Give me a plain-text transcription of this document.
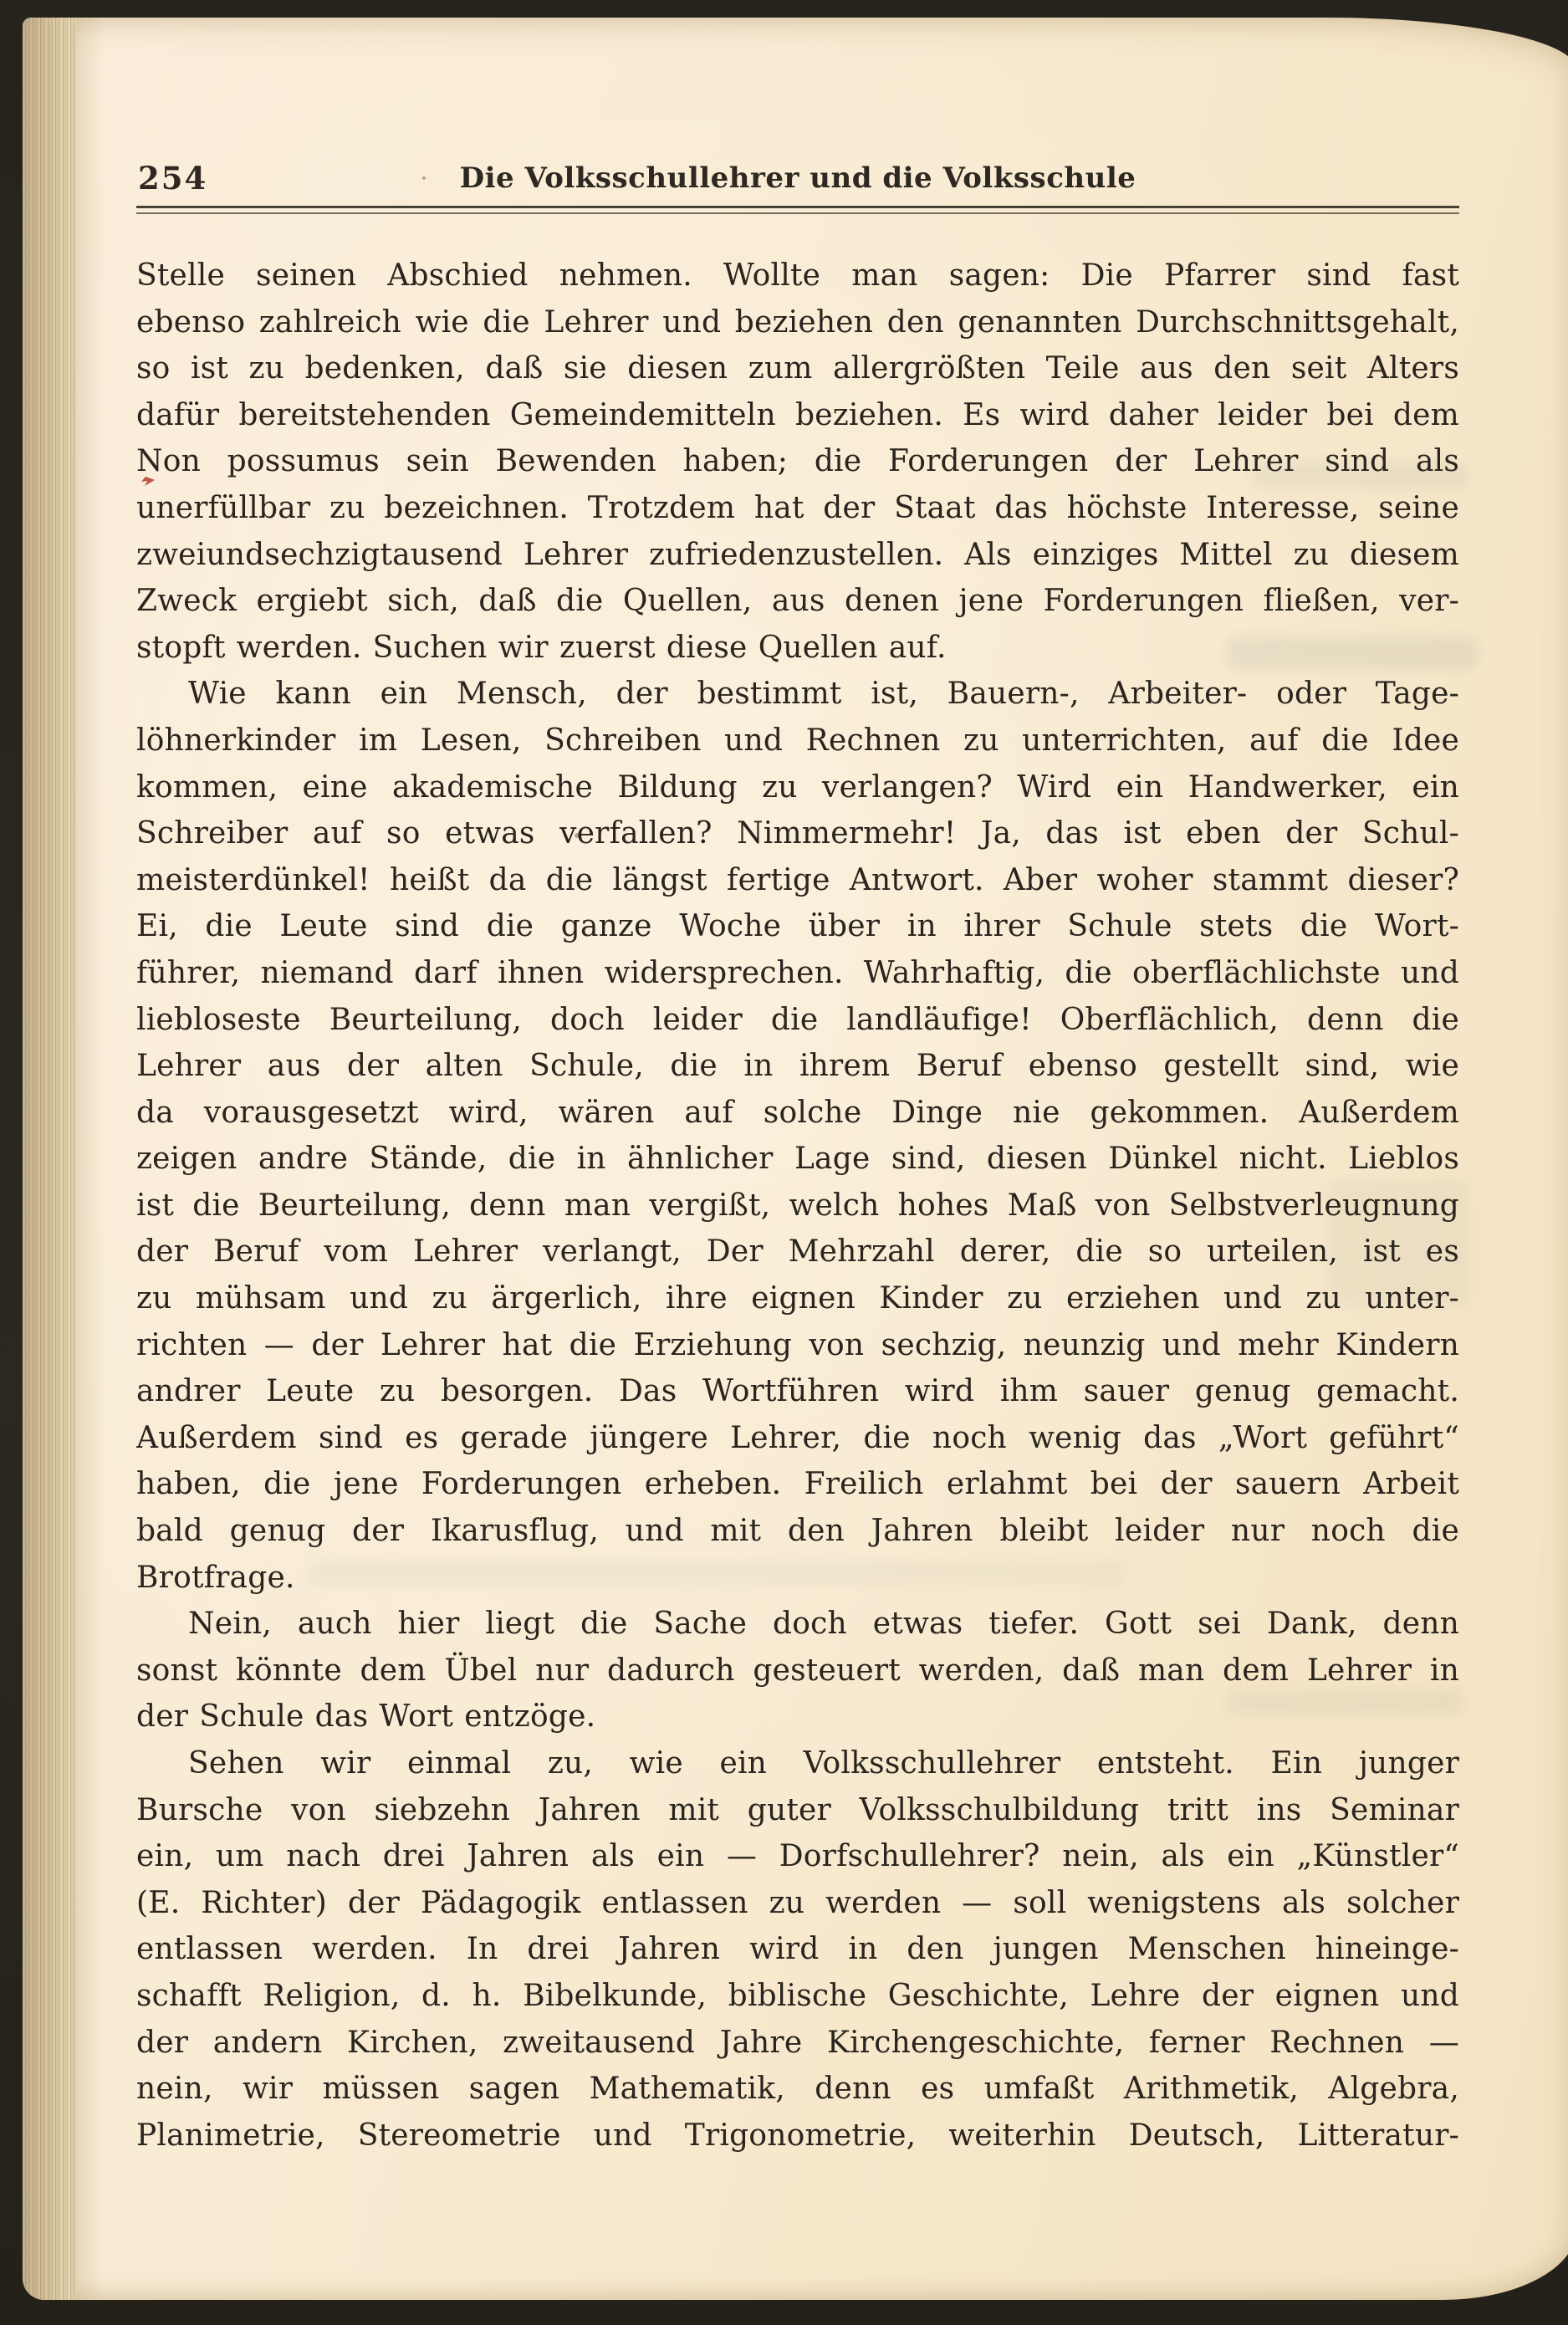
254	Die Volksschullehrer und die Volksschule
Stelle seinen Abschied nehmen. Wollte man sagen: Die Pfarrer sind fast
ebenso zahlreich wie die Lehrer und beziehen den genannten Durchschnittsgehalt,
so ist zu bedenken, daß sie diesen zum allergrößten Teile aus den seit Alters
dafür bereitstehenden Gemeindemitteln beziehen. Es wird daher leider bei dem
Non possumus sein Bewenden haben; die Forderungen der Lehrer sind als
unerfüllbar zu bezeichnen. Trotzdem hat der Staat das höchste Interesse, seine
zweiundsechzigtausend Lehrer zufriedenzustellen. Als einziges Mittel zu diesem
Zweck ergiebt sich, daß die Quellen, aus denen jene Forderungen fließen, ver-
stopft werden. Suchen wir zuerst diese Quellen auf.
Wie kann ein Mensch, der bestimmt ist, Bauern-, Arbeiter- oder Tage-
löhnerkinder im Lesen, Schreiben und Rechnen zu unterrichten, auf die Idee
kommen, eine akademische Bildung zu verlangen? Wird ein Handwerker, ein
Schreiber auf so etwas verfallen? Nimmermehr! Ja, das ist eben der Schul-
meisterdünkel! heißt da die längst fertige Antwort. Aber woher stammt dieser?
Ei, die Leute sind die ganze Woche über in ihrer Schule stets die Wort-
führer, niemand darf ihnen widersprechen. Wahrhaftig, die oberflächlichste und
liebloseste Beurteilung, doch leider die landläufige! Oberflächlich, denn die
Lehrer aus der alten Schule, die in ihrem Beruf ebenso gestellt sind, wie
da vorausgesetzt wird, wären auf solche Dinge nie gekommen. Außerdem
zeigen andre Stände, die in ähnlicher Lage sind, diesen Dünkel nicht. Lieblos
ist die Beurteilung, denn man vergißt, welch hohes Maß von Selbstverleugnung
der Beruf vom Lehrer verlangt, Der Mehrzahl derer, die so urteilen, ist es
zu mühsam und zu ärgerlich, ihre eignen Kinder zu erziehen und zu unter-
richten — der Lehrer hat die Erziehung von sechzig, neunzig und mehr Kindern
andrer Leute zu besorgen. Das Wortführen wird ihm sauer genug gemacht.
Außerdem sind es gerade jüngere Lehrer, die noch wenig das „Wort geführt“
haben, die jene Forderungen erheben. Freilich erlahmt bei der sauern Arbeit
bald genug der Ikarusflug, und mit den Jahren bleibt leider nur noch die
Brotfrage.
Nein, auch hier liegt die Sache doch etwas tiefer. Gott sei Dank, denn
sonst könnte dem Übel nur dadurch gesteuert werden, daß man dem Lehrer in
der Schule das Wort entzöge.
Sehen wir einmal zu, wie ein Volksschullehrer entsteht. Ein junger
Bursche von siebzehn Jahren mit guter Volksschulbildung tritt ins Seminar
ein, um nach drei Jahren als ein — Dorfschullehrer? nein, als ein „Künstler“
(E. Richter) der Pädagogik entlassen zu werden — soll wenigstens als solcher
entlassen werden. In drei Jahren wird in den jungen Menschen hineinge-
schafft Religion, d. h. Bibelkunde, biblische Geschichte, Lehre der eignen und
der andern Kirchen, zweitausend Jahre Kirchengeschichte, ferner Rechnen —
nein, wir müssen sagen Mathematik, denn es umfaßt Arithmetik, Algebra,
Planimetrie, Stereometrie und Trigonometrie, weiterhin Deutsch, Litteratur-
